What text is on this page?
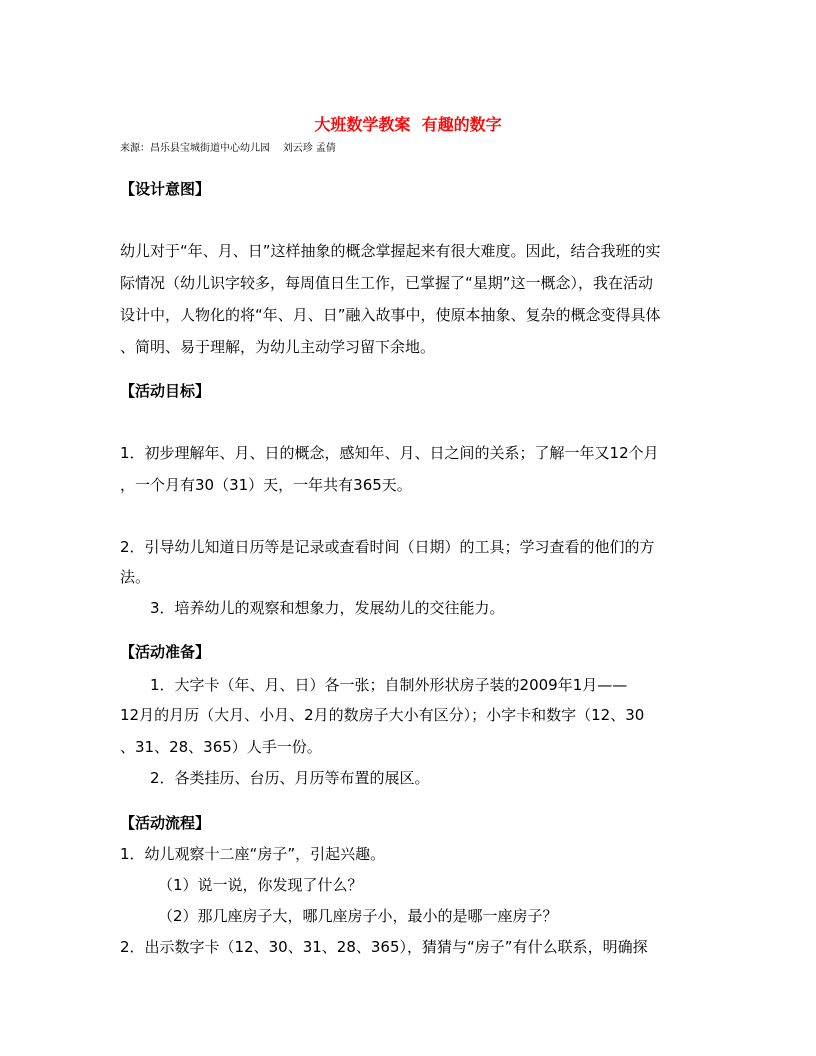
大班数学教案  有趣的数字
来源：昌乐县宝城街道中心幼儿园    刘云珍 孟倩
【设计意图】
幼儿对于“年、月、日”这样抽象的概念掌握起来有很大难度。因此，结合我班的实
际情况（幼儿识字较多，每周值日生工作，已掌握了“星期”这一概念），我在活动
设计中，人物化的将“年、月、日”融入故事中，使原本抽象、复杂的概念变得具体
、简明、易于理解，为幼儿主动学习留下余地。
【活动目标】
1．初步理解年、月、日的概念，感知年、月、日之间的关系；了解一年又12个月
，一个月有30（31）天，一年共有365天。
2．引导幼儿知道日历等是记录或查看时间（日期）的工具；学习查看的他们的方
法。
3．培养幼儿的观察和想象力，发展幼儿的交往能力。
【活动准备】
1．大字卡（年、月、日）各一张；自制外形状房子装的2009年1月——
12月的月历（大月、小月、2月的数房子大小有区分）；小字卡和数字（12、30
、31、28、365）人手一份。
2．各类挂历、台历、月历等布置的展区。
【活动流程】
1．幼儿观察十二座“房子”，引起兴趣。
（1）说一说，你发现了什么？
（2）那几座房子大，哪几座房子小，最小的是哪一座房子？
2．出示数字卡（12、30、31、28、365），猜猜与“房子”有什么联系，明确探
